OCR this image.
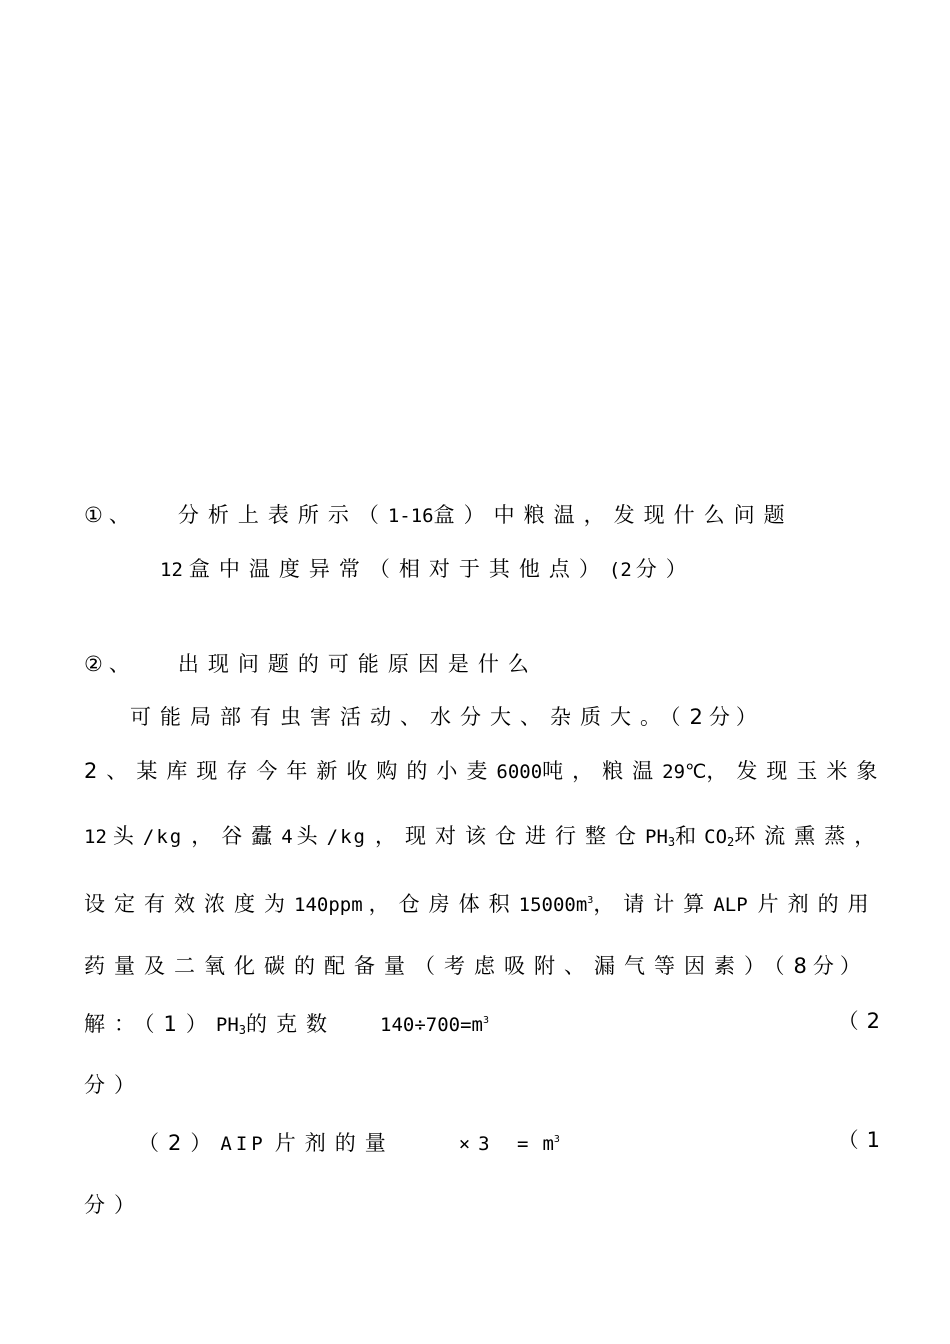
①、 分析上表所示（1-16盒）中粮温，发现什么问题
12 盒中温度异常（相对于其他点）(2 分）
②、 出现问题的可能原因是什么
可能局部有虫害活动、水分大、杂质大。（2分）
2、某库现存今年新收购的小麦6000吨，粮温29℃，发现玉米象
12 头/kg ，谷蠹4 头/kg ，现对该仓进行整仓$PH_3$和 $CO_2$环流熏蒸，
设定有效浓度为140ppm ，仓房体积$15000m^3$，请计算ALP 片剂的用
药量及二氧化碳的配备量（考虑吸附、漏气等因素）（8分）
解：$(1)PH_3$的克数 $140\div 700=m^3$	（2
分）
（2）AIP 片剂的量	$\times 3 = m^3$	（1
分）
